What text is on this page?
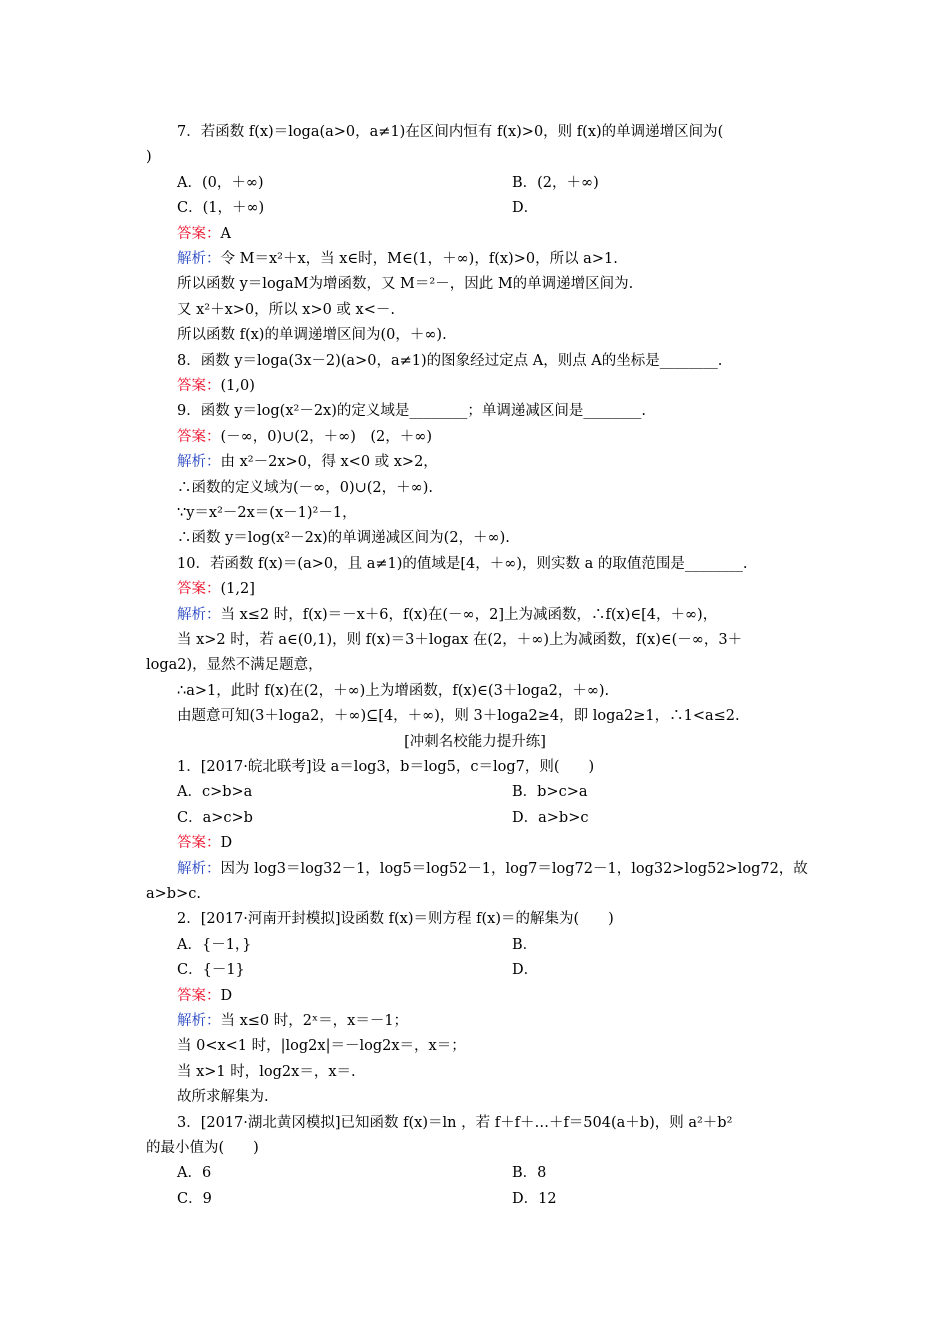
7．若函数 f(x)＝loga(a>0，a≠1)在区间内恒有 f(x)>0，则 f(x)的单调递增区间为(
)
A．(0，＋∞)	B．(2，＋∞)
C．(1，＋∞)	D．
答案：A
解析：令 M＝x²＋x，当 x∈时，M∈(1，＋∞)，f(x)>0，所以 a>1.
所以函数 y＝logaM为增函数，又 M＝²－，因此 M的单调递增区间为.
又 x²＋x>0，所以 x>0 或 x<－.
所以函数 f(x)的单调递增区间为(0，＋∞).
8．函数 y＝loga(3x－2)(a>0，a≠1)的图象经过定点 A，则点 A的坐标是________.
答案：(1,0)
9．函数 y＝log(x²－2x)的定义域是________；单调递减区间是________.
答案：(－∞，0)∪(2，＋∞)　(2，＋∞)
解析：由 x²－2x>0，得 x<0 或 x>2，
∴函数的定义域为(－∞，0)∪(2，＋∞).
∵y＝x²－2x＝(x－1)²－1，
∴函数 y＝log(x²－2x)的单调递减区间为(2，＋∞).
10．若函数 f(x)＝(a>0，且 a≠1)的值域是[4，＋∞)，则实数 a 的取值范围是________.
答案：(1,2]
解析：当 x≤2 时，f(x)＝－x＋6，f(x)在(－∞，2]上为减函数，∴f(x)∈[4，＋∞)，
当 x>2 时，若 a∈(0,1)，则 f(x)＝3＋logax 在(2，＋∞)上为减函数，f(x)∈(－∞，3＋
loga2)，显然不满足题意，
∴a>1，此时 f(x)在(2，＋∞)上为增函数，f(x)∈(3＋loga2，＋∞).
由题意可知(3＋loga2，＋∞)⊆[4，＋∞)，则 3＋loga2≥4，即 loga2≥1，∴1<a≤2.
[冲刺名校能力提升练]
1．[2017·皖北联考]设 a＝log3，b＝log5，c＝log7，则(　　)
A．c>b>a	B．b>c>a
C．a>c>b	D．a>b>c
答案：D
解析：因为 log3＝log32－1，log5＝log52－1，log7＝log72－1，log32>log52>log72，故
a>b>c.
2．[2017·河南开封模拟]设函数 f(x)＝则方程 f(x)＝的解集为(　　)
A．{－1，}	B．
C．{－1}	D．
答案：D
解析：当 x≤0 时，2ˣ＝，x＝－1；
当 0<x<1 时，|log2x|＝－log2x＝，x＝；
当 x>1 时，log2x＝，x＝.
故所求解集为.
3．[2017·湖北黄冈模拟]已知函数 f(x)＝ln ，若 f＋f＋…＋f＝504(a＋b)，则 a²＋b²
的最小值为(　　)
A．6	B．8
C．9	D．12
